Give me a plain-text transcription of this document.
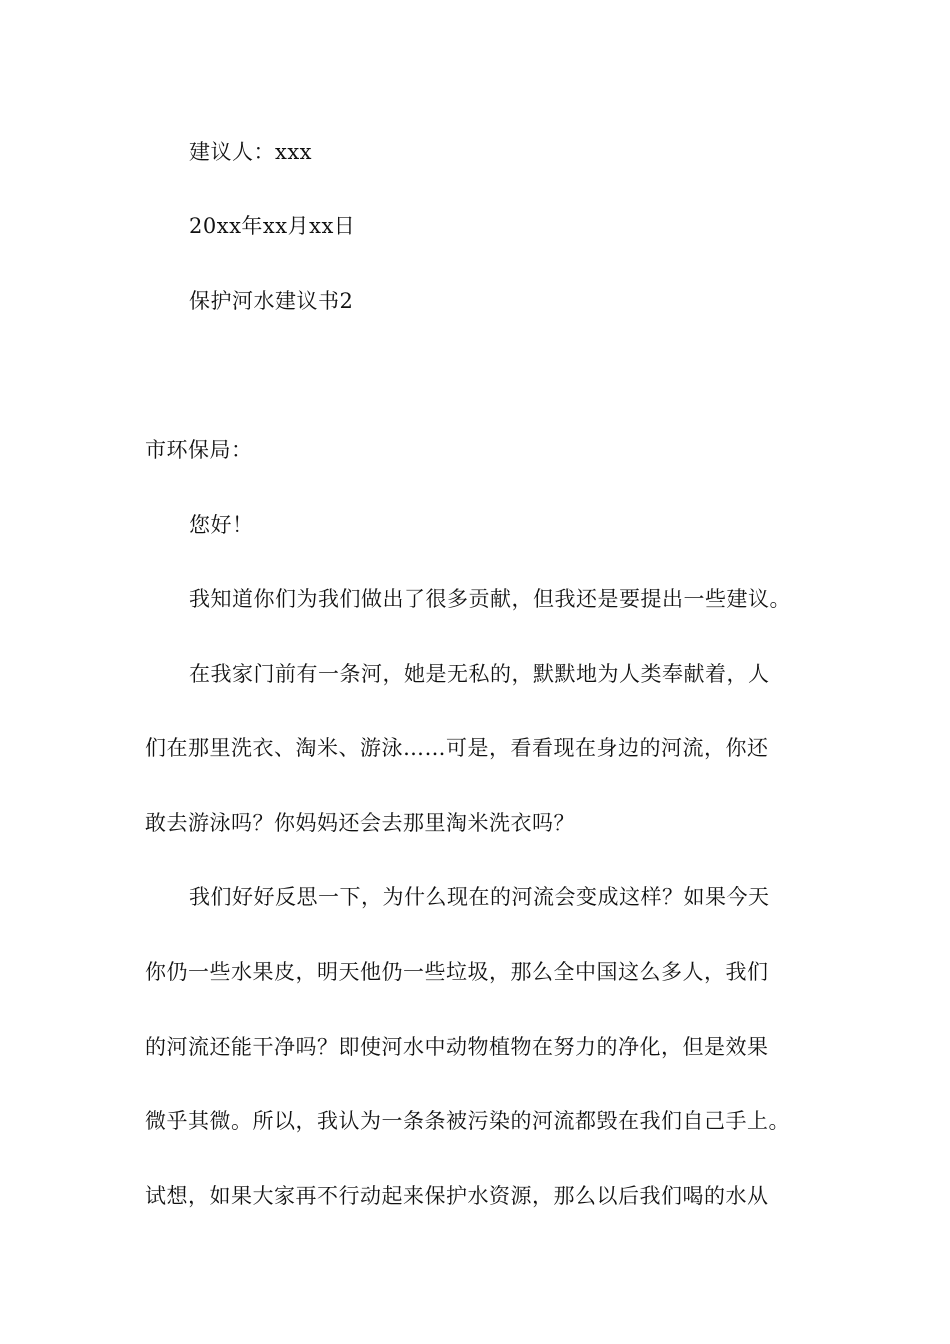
建议人：xxx
20xx年xx月xx日
保护河水建议书2
市环保局：
您好！
我知道你们为我们做出了很多贡献，但我还是要提出一些建议。
在我家门前有一条河，她是无私的，默默地为人类奉献着，人
们在那里洗衣、淘米、游泳……可是，看看现在身边的河流，你还
敢去游泳吗？你妈妈还会去那里淘米洗衣吗？
我们好好反思一下，为什么现在的河流会变成这样？如果今天
你仍一些水果皮，明天他仍一些垃圾，那么全中国这么多人，我们
的河流还能干净吗？即使河水中动物植物在努力的净化，但是效果
微乎其微。所以，我认为一条条被污染的河流都毁在我们自己手上。
试想，如果大家再不行动起来保护水资源，那么以后我们喝的水从
